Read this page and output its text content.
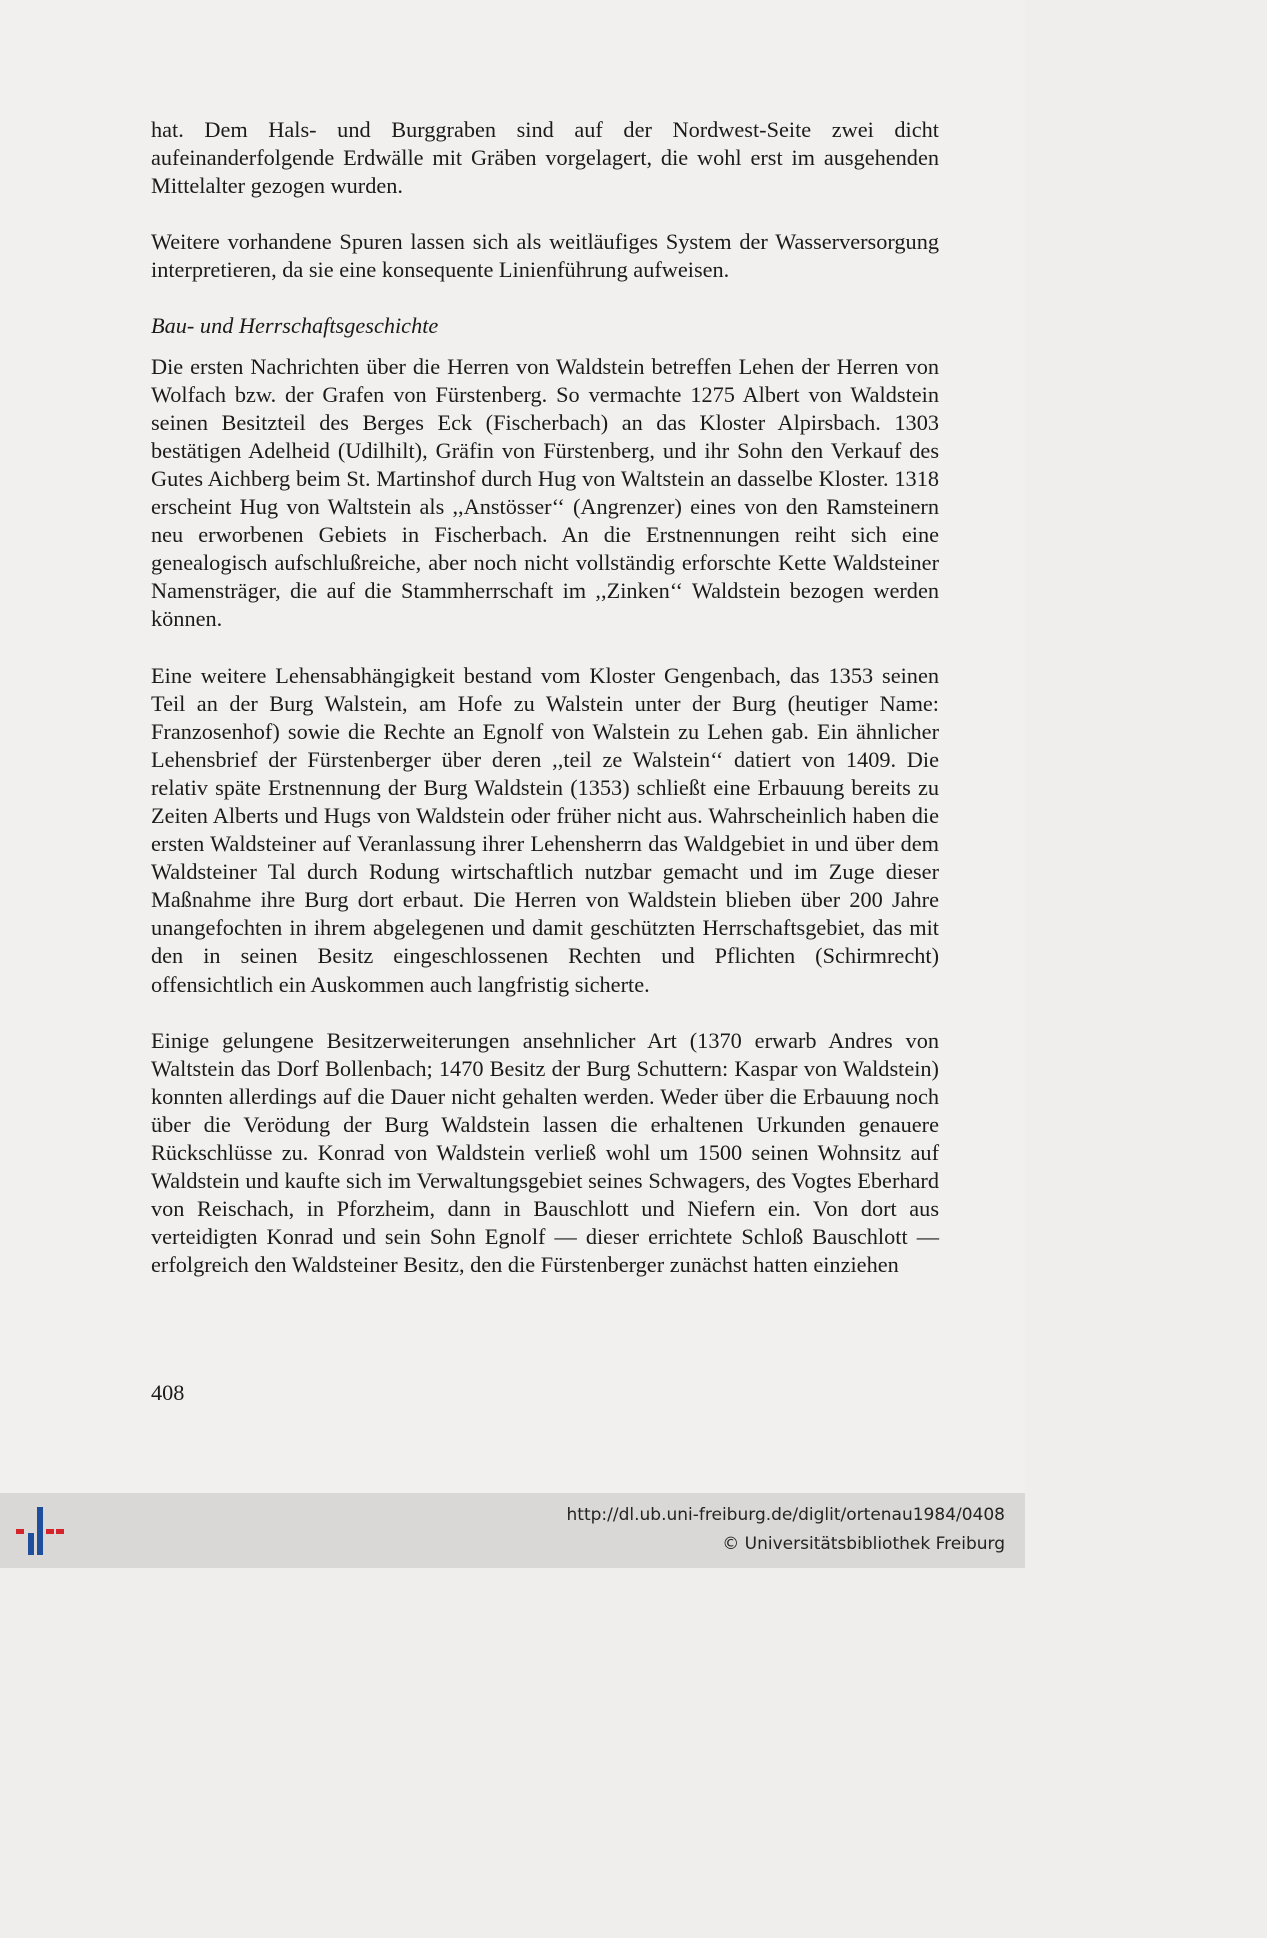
hat. Dem Hals- und Burggraben sind auf der Nordwest-Seite zwei dicht aufeinanderfolgende Erdwälle mit Gräben vorgelagert, die wohl erst im ausgehenden Mittelalter gezogen wurden.

Weitere vorhandene Spuren lassen sich als weitläufiges System der Wasserversorgung interpretieren, da sie eine konsequente Linienführung aufweisen.

Bau- und Herrschaftsgeschichte

Die ersten Nachrichten über die Herren von Waldstein betreffen Lehen der Herren von Wolfach bzw. der Grafen von Fürstenberg. So vermachte 1275 Albert von Waldstein seinen Besitzteil des Berges Eck (Fischerbach) an das Kloster Alpirsbach. 1303 bestätigen Adelheid (Udilhilt), Gräfin von Fürstenberg, und ihr Sohn den Verkauf des Gutes Aichberg beim St. Martinshof durch Hug von Waltstein an dasselbe Kloster. 1318 erscheint Hug von Waltstein als ,,Anstösser‘‘ (Angrenzer) eines von den Ramsteinern neu erworbenen Gebiets in Fischerbach. An die Erstnennungen reiht sich eine genealogisch aufschlußreiche, aber noch nicht vollständig erforschte Kette Waldsteiner Namensträger, die auf die Stammherrschaft im ,,Zinken‘‘ Waldstein bezogen werden können.

Eine weitere Lehensabhängigkeit bestand vom Kloster Gengenbach, das 1353 seinen Teil an der Burg Walstein, am Hofe zu Walstein unter der Burg (heutiger Name: Franzosenhof) sowie die Rechte an Egnolf von Walstein zu Lehen gab. Ein ähnlicher Lehensbrief der Fürstenberger über deren ,,teil ze Walstein‘‘ datiert von 1409. Die relativ späte Erstnennung der Burg Waldstein (1353) schließt eine Erbauung bereits zu Zeiten Alberts und Hugs von Waldstein oder früher nicht aus. Wahrscheinlich haben die ersten Waldsteiner auf Veranlassung ihrer Lehensherrn das Waldgebiet in und über dem Waldsteiner Tal durch Rodung wirtschaftlich nutzbar gemacht und im Zuge dieser Maßnahme ihre Burg dort erbaut. Die Herren von Waldstein blieben über 200 Jahre unangefochten in ihrem abgelegenen und damit geschützten Herrschaftsgebiet, das mit den in seinen Besitz eingeschlossenen Rechten und Pflichten (Schirmrecht) offensichtlich ein Auskommen auch langfristig sicherte.

Einige gelungene Besitzerweiterungen ansehnlicher Art (1370 erwarb Andres von Waltstein das Dorf Bollenbach; 1470 Besitz der Burg Schuttern: Kaspar von Waldstein) konnten allerdings auf die Dauer nicht gehalten werden. Weder über die Erbauung noch über die Verödung der Burg Waldstein lassen die erhaltenen Urkunden genauere Rückschlüsse zu. Konrad von Waldstein verließ wohl um 1500 seinen Wohnsitz auf Waldstein und kaufte sich im Verwaltungsgebiet seines Schwagers, des Vogtes Eberhard von Reischach, in Pforzheim, dann in Bauschlott und Niefern ein. Von dort aus verteidigten Konrad und sein Sohn Egnolf — dieser errichtete Schloß Bauschlott — erfolgreich den Waldsteiner Besitz, den die Fürstenberger zunächst hatten einziehen

408
http://dl.ub.uni-freiburg.de/diglit/ortenau1984/0408
© Universitätsbibliothek Freiburg
